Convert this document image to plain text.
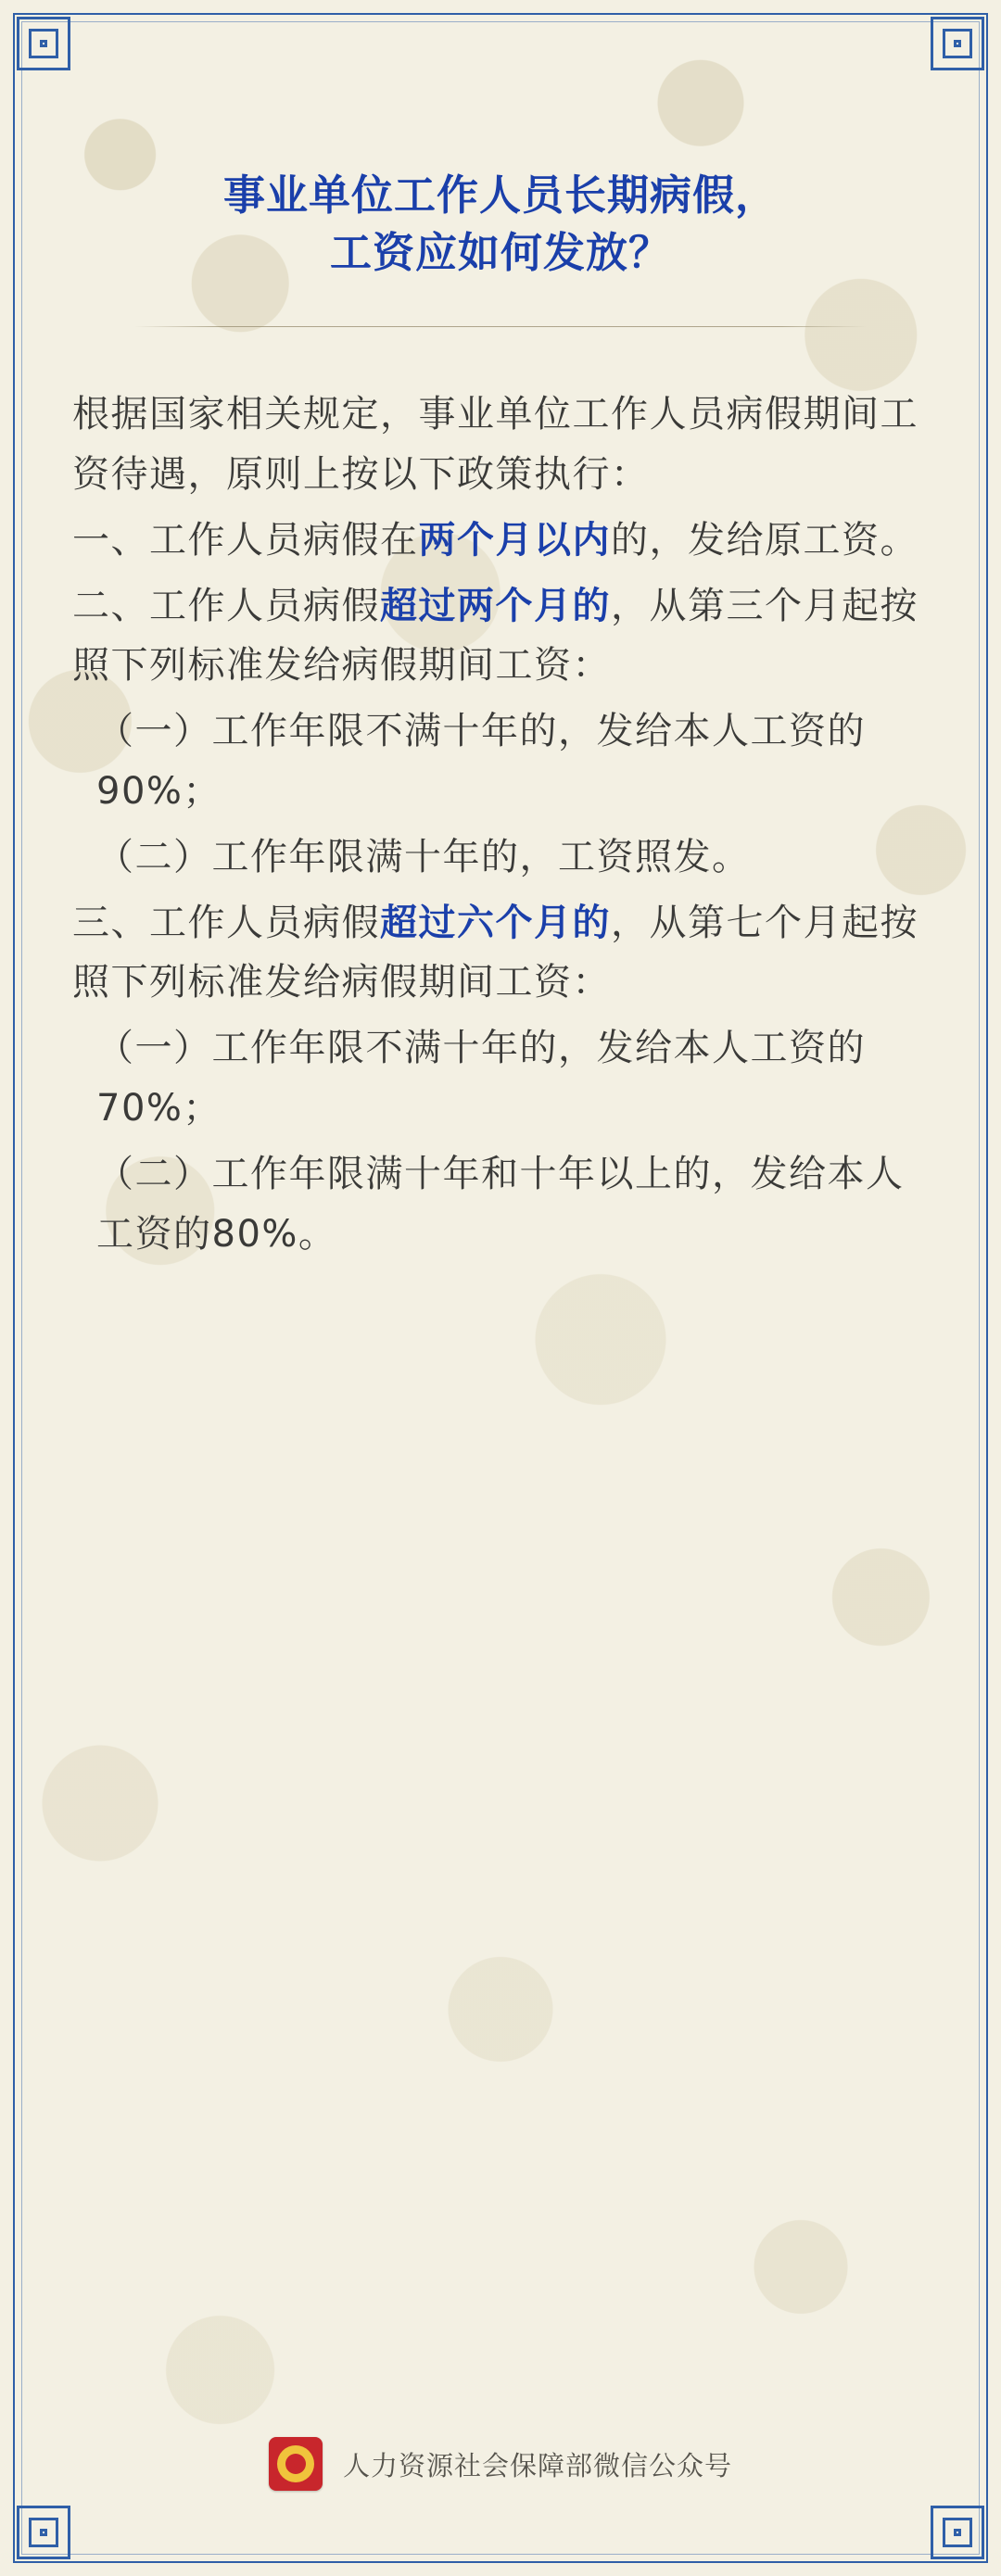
事业单位工作人员长期病假，
工资应如何发放？
根据国家相关规定，事业单位工作人员病假期间工资待遇，原则上按以下政策执行：
一、工作人员病假在两个月以内的，发给原工资。
二、工作人员病假超过两个月的，从第三个月起按照下列标准发给病假期间工资：
（一）工作年限不满十年的，发给本人工资的90%；
（二）工作年限满十年的，工资照发。
三、工作人员病假超过六个月的，从第七个月起按照下列标准发给病假期间工资：
（一）工作年限不满十年的，发给本人工资的70%；
（二）工作年限满十年和十年以上的，发给本人工资的80%。
人力资源社会保障部微信公众号
